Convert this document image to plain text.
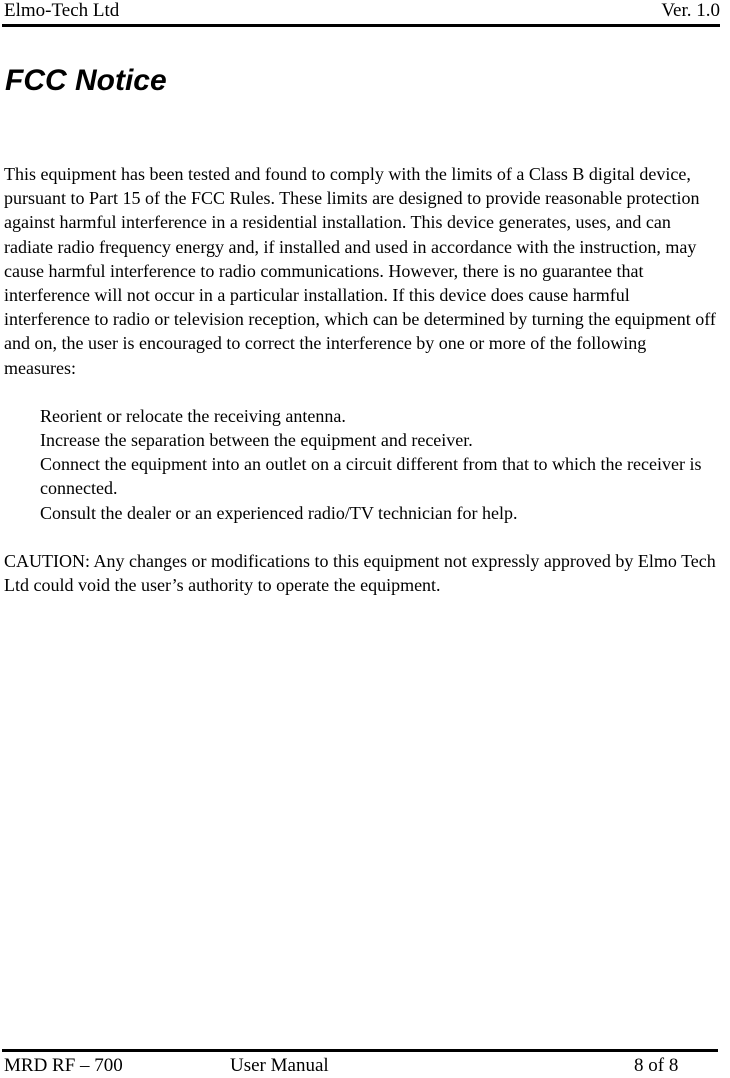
Elmo-Tech Ltd	Ver. 1.0
FCC Notice

This equipment has been tested and found to comply with the limits of a Class B digital device, pursuant to Part 15 of the FCC Rules. These limits are designed to provide reasonable protection against harmful interference in a residential installation. This device generates, uses, and can radiate radio frequency energy and, if installed and used in accordance with the instruction, may cause harmful interference to radio communications. However, there is no guarantee that interference will not occur in a particular installation. If this device does cause harmful interference to radio or television reception, which can be determined by turning the equipment off and on, the user is encouraged to correct the interference by one or more of the following measures:

Reorient or relocate the receiving antenna.
Increase the separation between the equipment and receiver.
Connect the equipment into an outlet on a circuit different from that to which the receiver is connected.
Consult the dealer or an experienced radio/TV technician for help.

CAUTION: Any changes or modifications to this equipment not expressly approved by Elmo Tech Ltd could void the user’s authority to operate the equipment.

MRD RF – 700	User Manual	8 of 8
